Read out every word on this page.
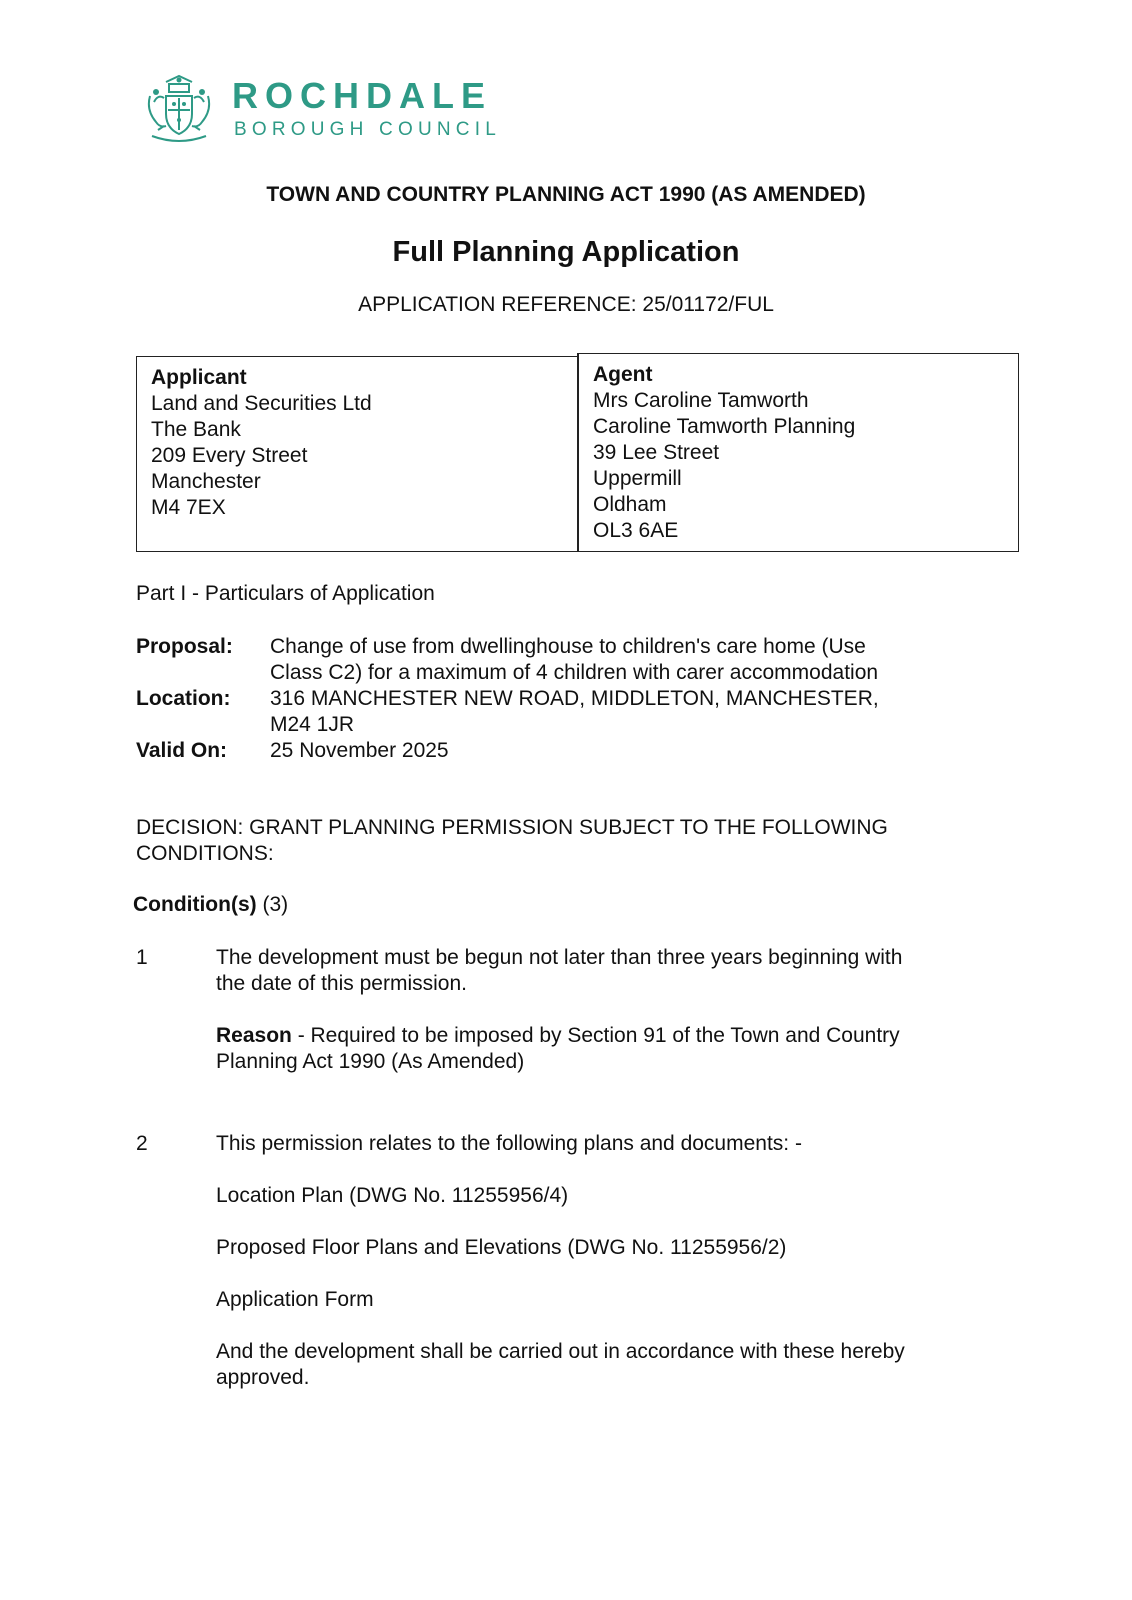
ROCHDALE
BOROUGH COUNCIL
TOWN AND COUNTRY PLANNING ACT 1990 (AS AMENDED)
Full Planning Application
APPLICATION REFERENCE: 25/01172/FUL
Applicant
Land and Securities Ltd
The Bank
209 Every Street
Manchester
M4 7EX
Agent
Mrs Caroline Tamworth
Caroline Tamworth Planning
39 Lee Street
Uppermill
Oldham
OL3 6AE
Part I - Particulars of Application
Proposal:	Change of use from dwellinghouse to children's care home (Use
Class C2) for a maximum of 4 children with carer accommodation
Location:	316 MANCHESTER NEW ROAD, MIDDLETON, MANCHESTER,
M24 1JR
Valid On:	25 November 2025
DECISION: GRANT PLANNING PERMISSION SUBJECT TO THE FOLLOWING
CONDITIONS:
Condition(s) (3)
1	The development must be begun not later than three years beginning with
the date of this permission.

Reason - Required to be imposed by Section 91 of the Town and Country
Planning Act 1990 (As Amended)

2	This permission relates to the following plans and documents: -

Location Plan (DWG No. 11255956/4)

Proposed Floor Plans and Elevations (DWG No. 11255956/2)

Application Form

And the development shall be carried out in accordance with these hereby
approved.
